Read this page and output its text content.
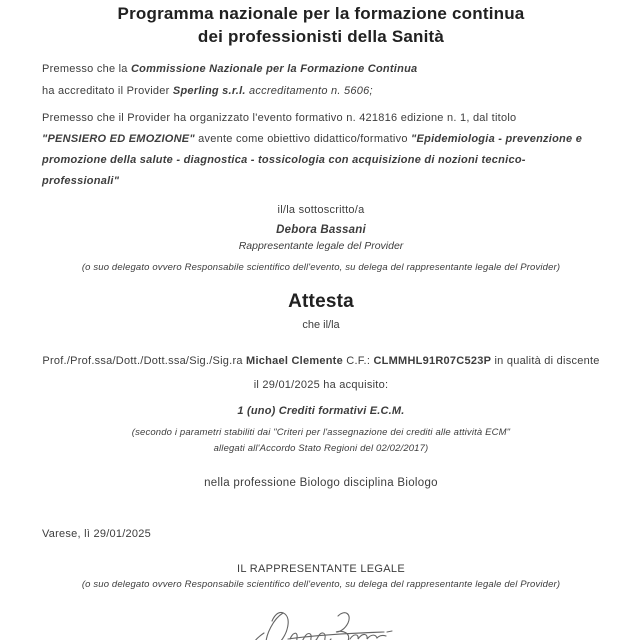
Programma nazionale per la formazione continua
dei professionisti della Sanità

Premesso che la Commissione Nazionale per la Formazione Continua
ha accreditato il Provider Sperling s.r.l. accreditamento n. 5606;

Premesso che il Provider ha organizzato l'evento formativo n. 421816 edizione n. 1, dal titolo
"PENSIERO ED EMOZIONE" avente come obiettivo didattico/formativo "Epidemiologia - prevenzione e promozione della salute - diagnostica - tossicologia con acquisizione di nozioni tecnico-professionali"

il/la sottoscritto/a

Debora Bassani

Rappresentante legale del Provider

(o suo delegato ovvero Responsabile scientifico dell'evento, su delega del rappresentante legale del Provider)

Attesta

che il/la

Prof./Prof.ssa/Dott./Dott.ssa/Sig./Sig.ra Michael Clemente C.F.: CLMMHL91R07C523P in qualità di discente il 29/01/2025 ha acquisito:

1 (uno) Crediti formativi E.C.M.

(secondo i parametri stabiliti dai "Criteri per l'assegnazione dei crediti alle attività ECM"
allegati all'Accordo Stato Regioni del 02/02/2017)

nella professione Biologo disciplina Biologo

Varese, lì 29/01/2025

IL RAPPRESENTANTE LEGALE

(o suo delegato ovvero Responsabile scientifico dell'evento, su delega del rappresentante legale del Provider)
